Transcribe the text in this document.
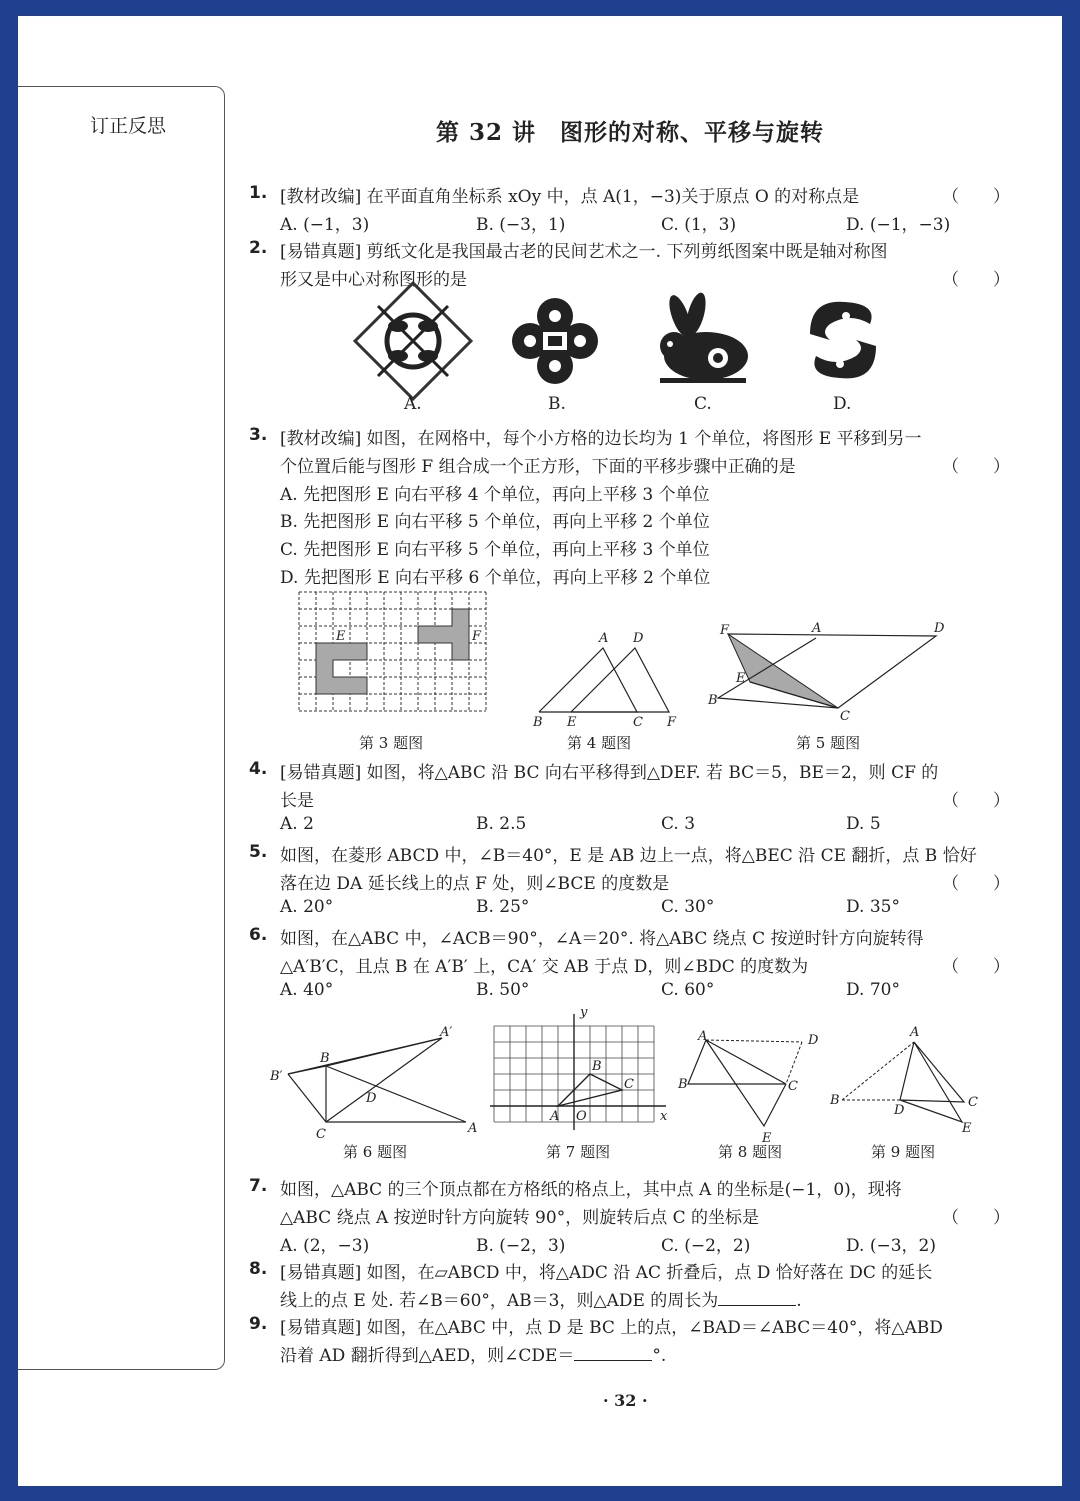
订正反思	第 32 讲　图形的对称、平移与旋转
1. [教材改编] 在平面直角坐标系 xOy 中，点 A(1，−3)关于原点 O 的对称点是	（　　）
A. (−1，3)	B. (−3，1)	C. (1，3)	D. (−1，−3)
2. [易错真题] 剪纸文化是我国最古老的民间艺术之一. 下列剪纸图案中既是轴对称图
形又是中心对称图形的是	（　　）
A.	B.	C.	D.
3. [教材改编] 如图，在网格中，每个小方格的边长均为 1 个单位，将图形 E 平移到另一
个位置后能与图形 F 组合成一个正方形，下面的平移步骤中正确的是	（　　）
A. 先把图形 E 向右平移 4 个单位，再向上平移 3 个单位
B. 先把图形 E 向右平移 5 个单位，再向上平移 2 个单位
C. 先把图形 E 向右平移 5 个单位，再向上平移 3 个单位
D. 先把图形 E 向右平移 6 个单位，再向上平移 2 个单位
E	F
第 3 题图
A D
B E	C F
第 4 题图
F	A	D
E
B
C
第 5 题图
4. [易错真题] 如图，将△ABC 沿 BC 向右平移得到△DEF. 若 BC＝5，BE＝2，则 CF 的
长是	（　　）
A. 2	B. 2.5	C. 3	D. 5
5. 如图，在菱形 ABCD 中，∠B＝40°，E 是 AB 边上一点，将△BEC 沿 CE 翻折，点 B 恰好
落在边 DA 延长线上的点 F 处，则∠BCE 的度数是	（　　）
A. 20°	B. 25°	C. 30°	D. 35°
6. 如图，在△ABC 中，∠ACB＝90°，∠A＝20°. 将△ABC 绕点 C 按逆时针方向旋转得
△A′B′C，且点 B 在 A′B′ 上，CA′ 交 AB 于点 D，则∠BDC 的度数为	（　　）
A. 40°	B. 50°	C. 60°	D. 70°
A′
B′
B
D
C	A
第 6 题图
y
B
C
A O	x
第 7 题图
A	D
B	C
E
第 8 题图
A
B
D
C
E
第 9 题图
7. 如图，△ABC 的三个顶点都在方格纸的格点上，其中点 A 的坐标是(−1，0)，现将
△ABC 绕点 A 按逆时针方向旋转 90°，则旋转后点 C 的坐标是	（　　）
A. (2，−3)	B. (−2，3)	C. (−2，2)	D. (−3，2)
8. [易错真题] 如图，在▱ABCD 中，将△ADC 沿 AC 折叠后，点 D 恰好落在 DC 的延长
线上的点 E 处. 若∠B＝60°，AB＝3，则△ADE 的周长为	.
9. [易错真题] 如图，在△ABC 中，点 D 是 BC 上的点，∠BAD＝∠ABC＝40°，将△ABD
沿着 AD 翻折得到△AED，则∠CDE＝	°.
· 32 ·
